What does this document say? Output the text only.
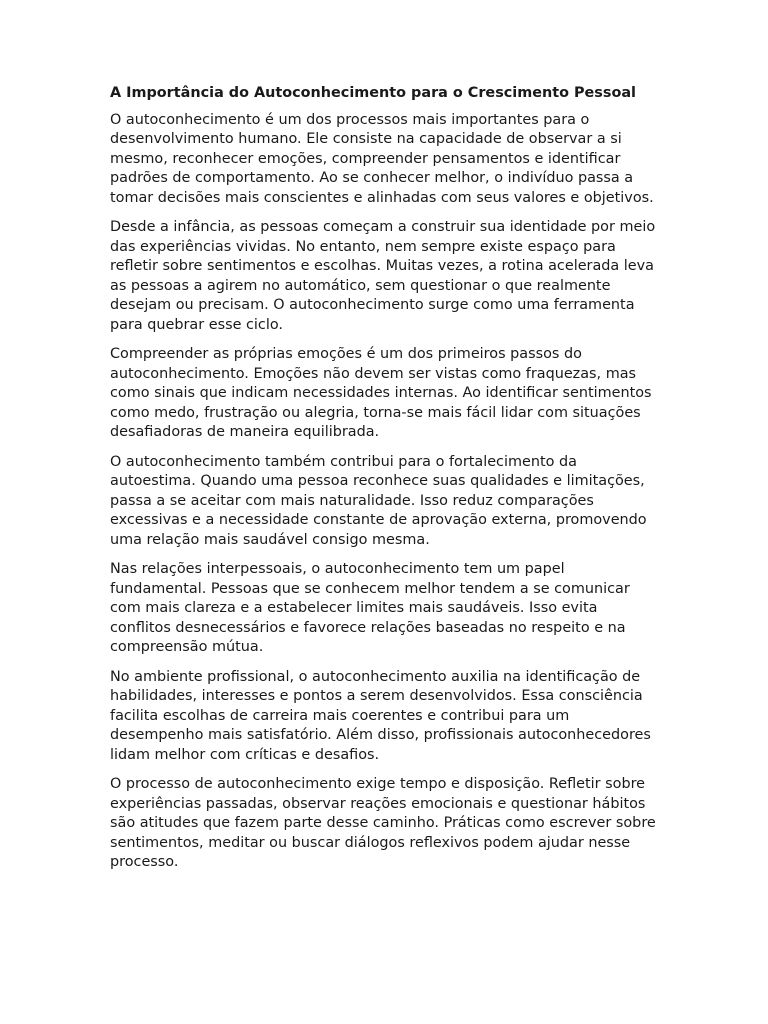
A Importância do Autoconhecimento para o Crescimento Pessoal

O autoconhecimento é um dos processos mais importantes para o desenvolvimento humano. Ele consiste na capacidade de observar a si mesmo, reconhecer emoções, compreender pensamentos e identificar padrões de comportamento. Ao se conhecer melhor, o indivíduo passa a tomar decisões mais conscientes e alinhadas com seus valores e objetivos.

Desde a infância, as pessoas começam a construir sua identidade por meio das experiências vividas. No entanto, nem sempre existe espaço para refletir sobre sentimentos e escolhas. Muitas vezes, a rotina acelerada leva as pessoas a agirem no automático, sem questionar o que realmente desejam ou precisam. O autoconhecimento surge como uma ferramenta para quebrar esse ciclo.

Compreender as próprias emoções é um dos primeiros passos do autoconhecimento. Emoções não devem ser vistas como fraquezas, mas como sinais que indicam necessidades internas. Ao identificar sentimentos como medo, frustração ou alegria, torna-se mais fácil lidar com situações desafiadoras de maneira equilibrada.

O autoconhecimento também contribui para o fortalecimento da autoestima. Quando uma pessoa reconhece suas qualidades e limitações, passa a se aceitar com mais naturalidade. Isso reduz comparações excessivas e a necessidade constante de aprovação externa, promovendo uma relação mais saudável consigo mesma.

Nas relações interpessoais, o autoconhecimento tem um papel fundamental. Pessoas que se conhecem melhor tendem a se comunicar com mais clareza e a estabelecer limites mais saudáveis. Isso evita conflitos desnecessários e favorece relações baseadas no respeito e na compreensão mútua.

No ambiente profissional, o autoconhecimento auxilia na identificação de habilidades, interesses e pontos a serem desenvolvidos. Essa consciência facilita escolhas de carreira mais coerentes e contribui para um desempenho mais satisfatório. Além disso, profissionais autoconhecedores lidam melhor com críticas e desafios.

O processo de autoconhecimento exige tempo e disposição. Refletir sobre experiências passadas, observar reações emocionais e questionar hábitos são atitudes que fazem parte desse caminho. Práticas como escrever sobre sentimentos, meditar ou buscar diálogos reflexivos podem ajudar nesse processo.
